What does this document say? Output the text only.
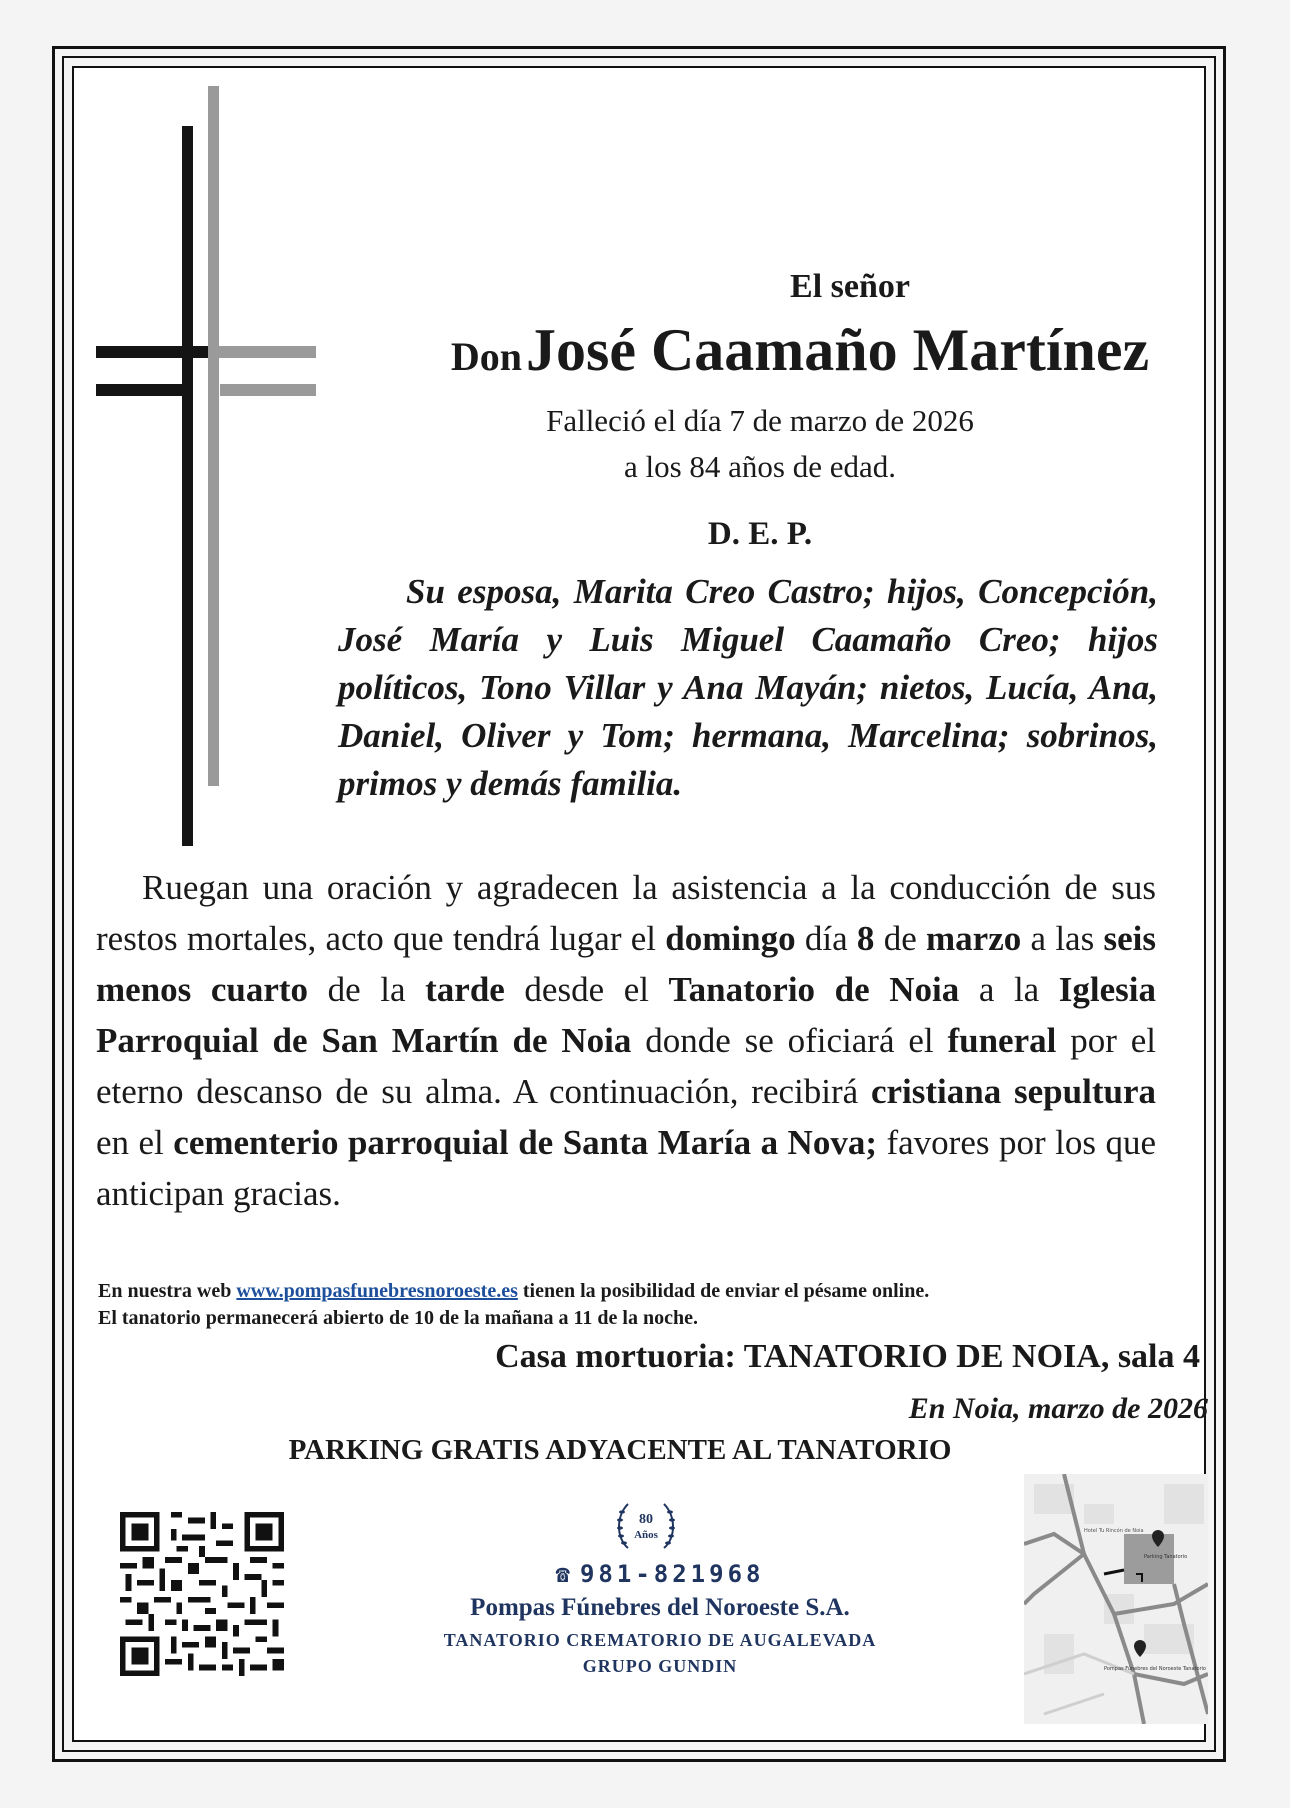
El señor
Don José Caamaño Martínez
Falleció el día 7 de marzo de 2026
a los 84 años de edad.
D. E. P.
Su esposa, Marita Creo Castro; hijos, Concepción, José María y Luis Miguel Caamaño Creo; hijos políticos, Tono Villar y Ana Mayán; nietos, Lucía, Ana, Daniel, Oliver y Tom; hermana, Marcelina; sobrinos, primos y demás familia.
Ruegan una oración y agradecen la asistencia a la conducción de sus restos mortales, acto que tendrá lugar el domingo día 8 de marzo a las seis menos cuarto de la tarde desde el Tanatorio de Noia a la Iglesia Parroquial de San Martín de Noia donde se oficiará el funeral por el eterno descanso de su alma. A continuación, recibirá cristiana sepultura en el cementerio parroquial de Santa María a Nova; favores por los que anticipan gracias.
En nuestra web www.pompasfunebresnoroeste.es tienen la posibilidad de enviar el pésame online.
El tanatorio permanecerá abierto de 10 de la mañana a 11 de la noche.
Casa mortuoria: TANATORIO DE NOIA, sala 4
En Noia, marzo de 2026
PARKING GRATIS ADYACENTE AL TANATORIO
80
Años
☎ 981-821968
Pompas Fúnebres del Noroeste S.A.
TANATORIO CREMATORIO DE AUGALEVADA
GRUPO GUNDIN
Hotel Tu Rincón de Noia
Parking Tanatorio
Pompas Fúnebres del Noroeste Tanatorio
